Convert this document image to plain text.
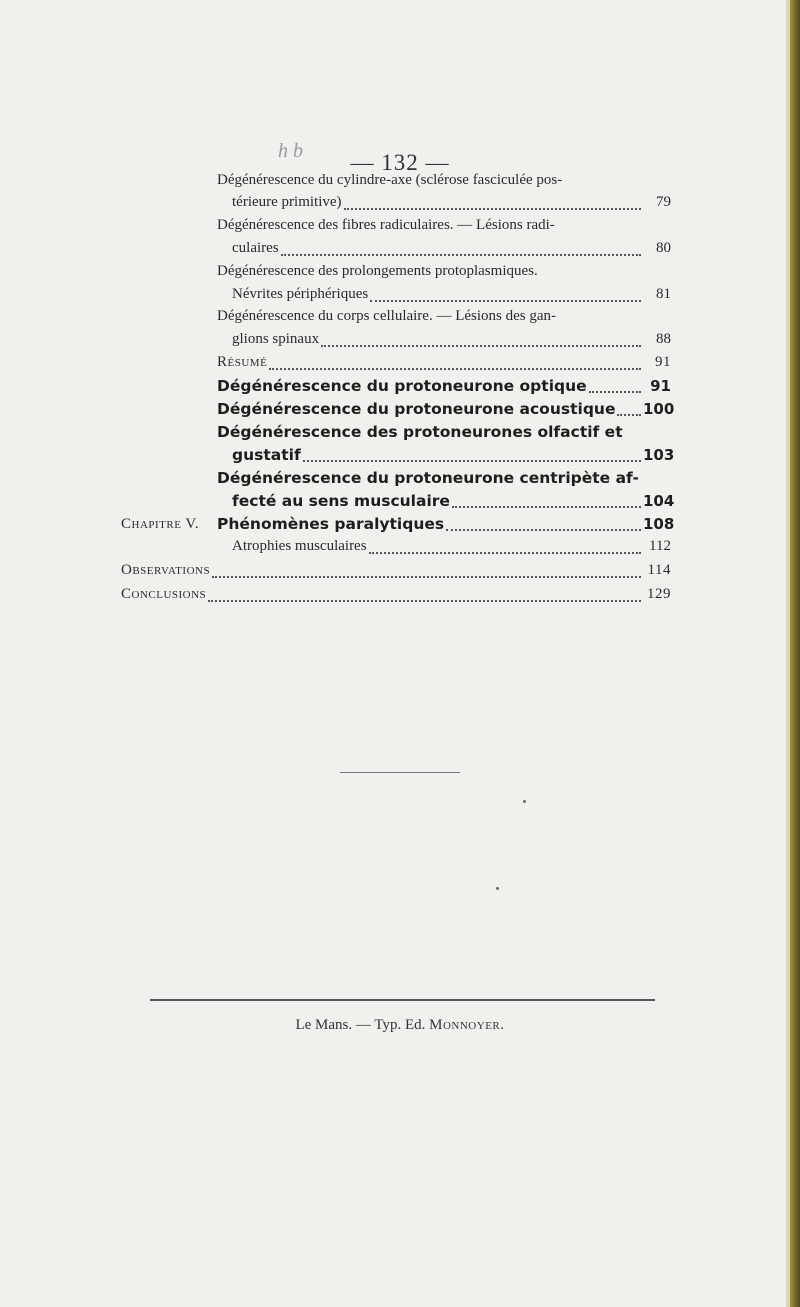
h b	— 132 —
Dégénérescence du cylindre-axe (sclérose fasciculée pos-
térieure primitive)	79
Dégénérescence des fibres radiculaires. — Lésions radi-
culaires	80
Dégénérescence des prolongements protoplasmiques.
Névrites périphériques	81
Dégénérescence du corps cellulaire. — Lésions des gan-
glions spinaux	88
Résumé	91
Dégénérescence du protoneurone optique	91
Dégénérescence du protoneurone acoustique 100
Dégénérescence des protoneurones olfactif et
gustatif	103
Dégénérescence du protoneurone centripète af-
fecté au sens musculaire	104
Chapitre V. Phénomènes paralytiques	108
Atrophies musculaires	112
Observations	114
Conclusions	129
Le Mans. — Typ. Ed. Monnoyer.
